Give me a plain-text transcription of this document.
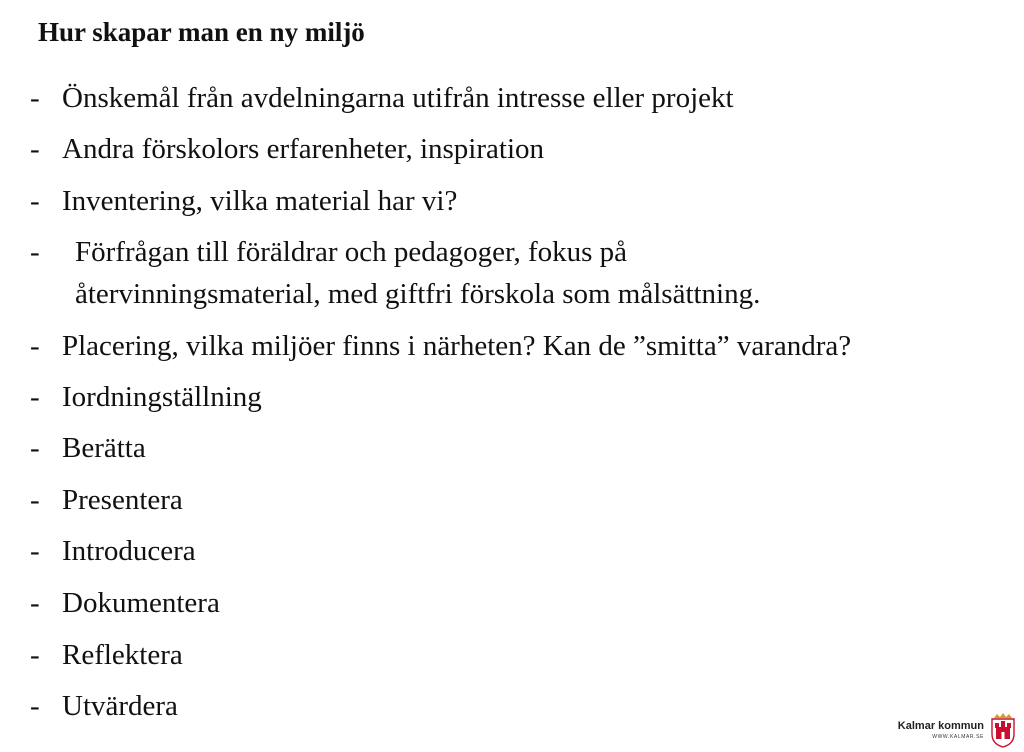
Hur skapar man en ny miljö
- Önskemål från avdelningarna utifrån intresse eller projekt
- Andra förskolors erfarenheter, inspiration
- Inventering, vilka material har vi?
- Förfrågan till föräldrar och pedagoger, fokus på återvinningsmaterial, med giftfri förskola som målsättning.
- Placering, vilka miljöer finns i närheten? Kan de ”smitta” varandra?
- Iordningställning
- Berätta
- Presentera
- Introducera
- Dokumentera
- Reflektera
- Utvärdera
Kalmar kommun
WWW.KALMAR.SE
